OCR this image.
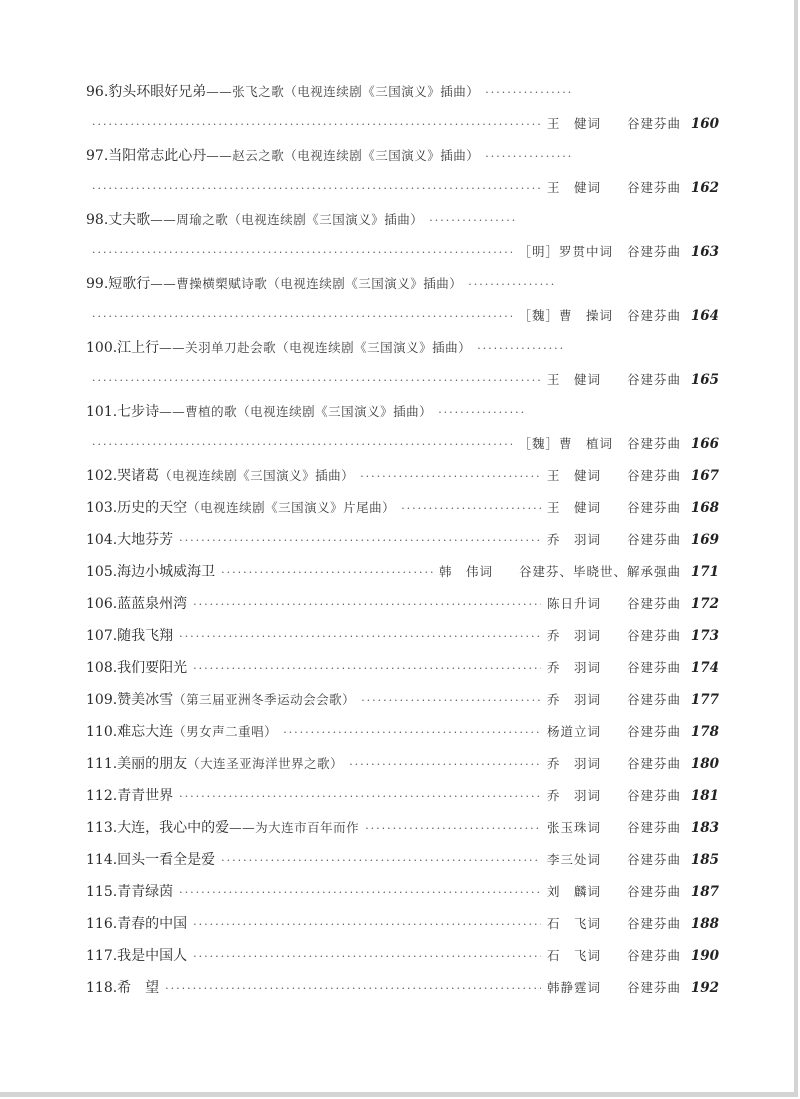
96. 豹头环眼好兄弟 ——张飞之歌（电视连续剧《三国演义》插曲）
·····
·····
王　健词 谷建芬曲 160
97. 当阳常志此心丹 ——赵云之歌（电视连续剧《三国演义》插曲）
·····
·····
王　健词 谷建芬曲 162
98. 丈夫歌 ——周瑜之歌（电视连续剧《三国演义》插曲）
·····
·····
［明］罗贯中词 谷建芬曲 163
99. 短歌行 ——曹操横槊赋诗歌（电视连续剧《三国演义》插曲）
·····
·····
［魏］曹　操词 谷建芬曲 164
100. 江上行 ——关羽单刀赴会歌（电视连续剧《三国演义》插曲）
·····
·····
王　健词 谷建芬曲 165
101. 七步诗 ——曹植的歌（电视连续剧《三国演义》插曲）
·····
·····
［魏］曹　植词 谷建芬曲 166
102. 哭诸葛 （电视连续剧《三国演义》插曲） ·····	王　健词 谷建芬曲 167
103. 历史的天空 （电视连续剧《三国演义》片尾曲） ·····	王　健词 谷建芬曲 168
104. 大地芬芳 ·····	乔　羽词 谷建芬曲 169
105. 海边小城威海卫 ·····	韩　伟词 谷建芬、毕晓世、解承强曲 171
106. 蓝蓝泉州湾 ·····	陈日升词 谷建芬曲 172
107. 随我飞翔 ·····	乔　羽词 谷建芬曲 173
108. 我们要阳光 ·····	乔　羽词 谷建芬曲 174
109. 赞美冰雪 （第三届亚洲冬季运动会会歌） ·····	乔　羽词 谷建芬曲 177
110. 难忘大连 （男女声二重唱） ·····	杨道立词 谷建芬曲 178
111. 美丽的朋友 （大连圣亚海洋世界之歌） ·····	乔　羽词 谷建芬曲 180
112. 青青世界 ·····	乔　羽词 谷建芬曲 181
113. 大连，我心中的爱 ——为大连市百年而作 ·····	张玉珠词 谷建芬曲 183
114. 回头一看全是爱 ·····	李三处词 谷建芬曲 185
115. 青青绿茵 ·····	刘　麟词 谷建芬曲 187
116. 青春的中国 ·····	石　飞词 谷建芬曲 188
117. 我是中国人 ·····	石　飞词 谷建芬曲 190
118. 希　望 ·····	韩静霆词 谷建芬曲 192
